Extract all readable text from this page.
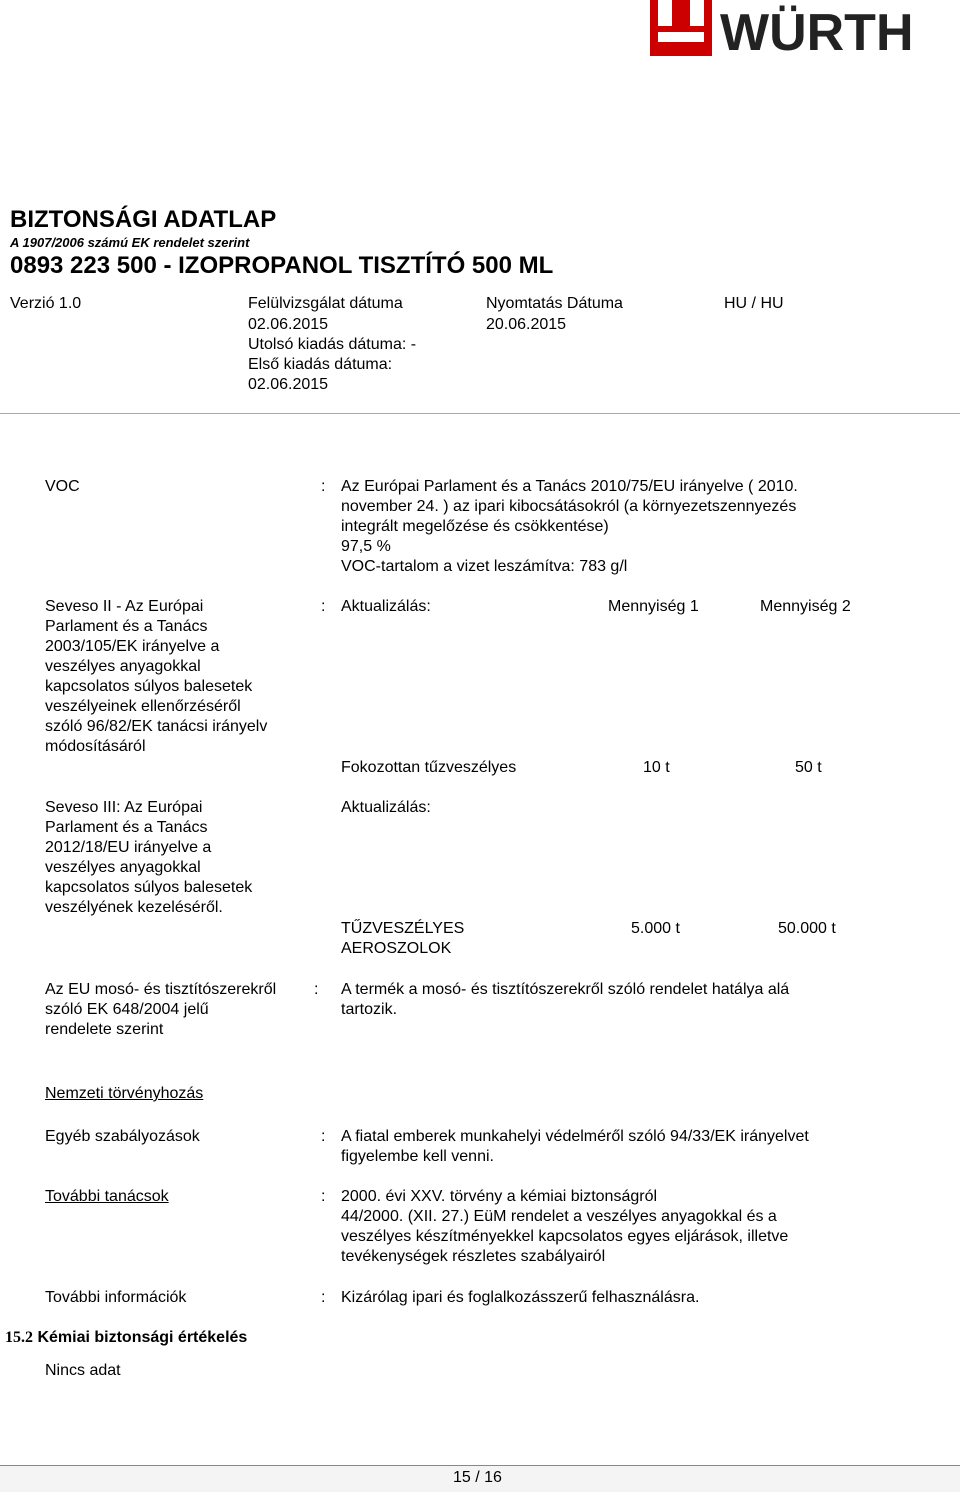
WÜRTH
BIZTONSÁGI ADATLAP
A 1907/2006 számú EK rendelet szerint
0893 223 500 - IZOPROPANOL TISZTÍTÓ 500 ML
Verzió 1.0	Felülvizsgálat dátuma
02.06.2015
Utolsó kiadás dátuma: -
Első kiadás dátuma:
02.06.2015
Nyomtatás Dátuma
20.06.2015
HU / HU
VOC	: Az Európai Parlament és a Tanács 2010/75/EU irányelve ( 2010.
november 24. ) az ipari kibocsátásokról (a környezetszennyezés
integrált megelőzése és csökkentése)
97,5 %
VOC-tartalom a vizet leszámítva: 783 g/l
Seveso II - Az Európai
Parlament és a Tanács
2003/105/EK irányelve a
veszélyes anyagokkal
kapcsolatos súlyos balesetek
veszélyeinek ellenőrzéséről
szóló 96/82/EK tanácsi irányelv
módosításáról
: Aktualizálás:	Mennyiség 1	Mennyiség 2
Fokozottan tűzveszélyes	10 t	50 t
Seveso III: Az Európai
Parlament és a Tanács
2012/18/EU irányelve a
veszélyes anyagokkal
kapcsolatos súlyos balesetek
veszélyének kezeléséről.
Aktualizálás:
TŰZVESZÉLYES
AEROSZOLOK
5.000 t	50.000 t
Az EU mosó- és tisztítószerekről
szóló EK 648/2004 jelű
rendelete szerint
: A termék a mosó- és tisztítószerekről szóló rendelet hatálya alá
tartozik.
Nemzeti törvényhozás
Egyéb szabályozások	: A fiatal emberek munkahelyi védelméről szóló 94/33/EK irányelvet
figyelembe kell venni.
További tanácsok	: 2000. évi XXV. törvény a kémiai biztonságról
44/2000. (XII. 27.) EüM rendelet a veszélyes anyagokkal és a
veszélyes készítményekkel kapcsolatos egyes eljárások, illetve
tevékenységek részletes szabályairól
További információk	: Kizárólag ipari és foglalkozásszerű felhasználásra.
15.2 Kémiai biztonsági értékelés
Nincs adat
15 / 16
